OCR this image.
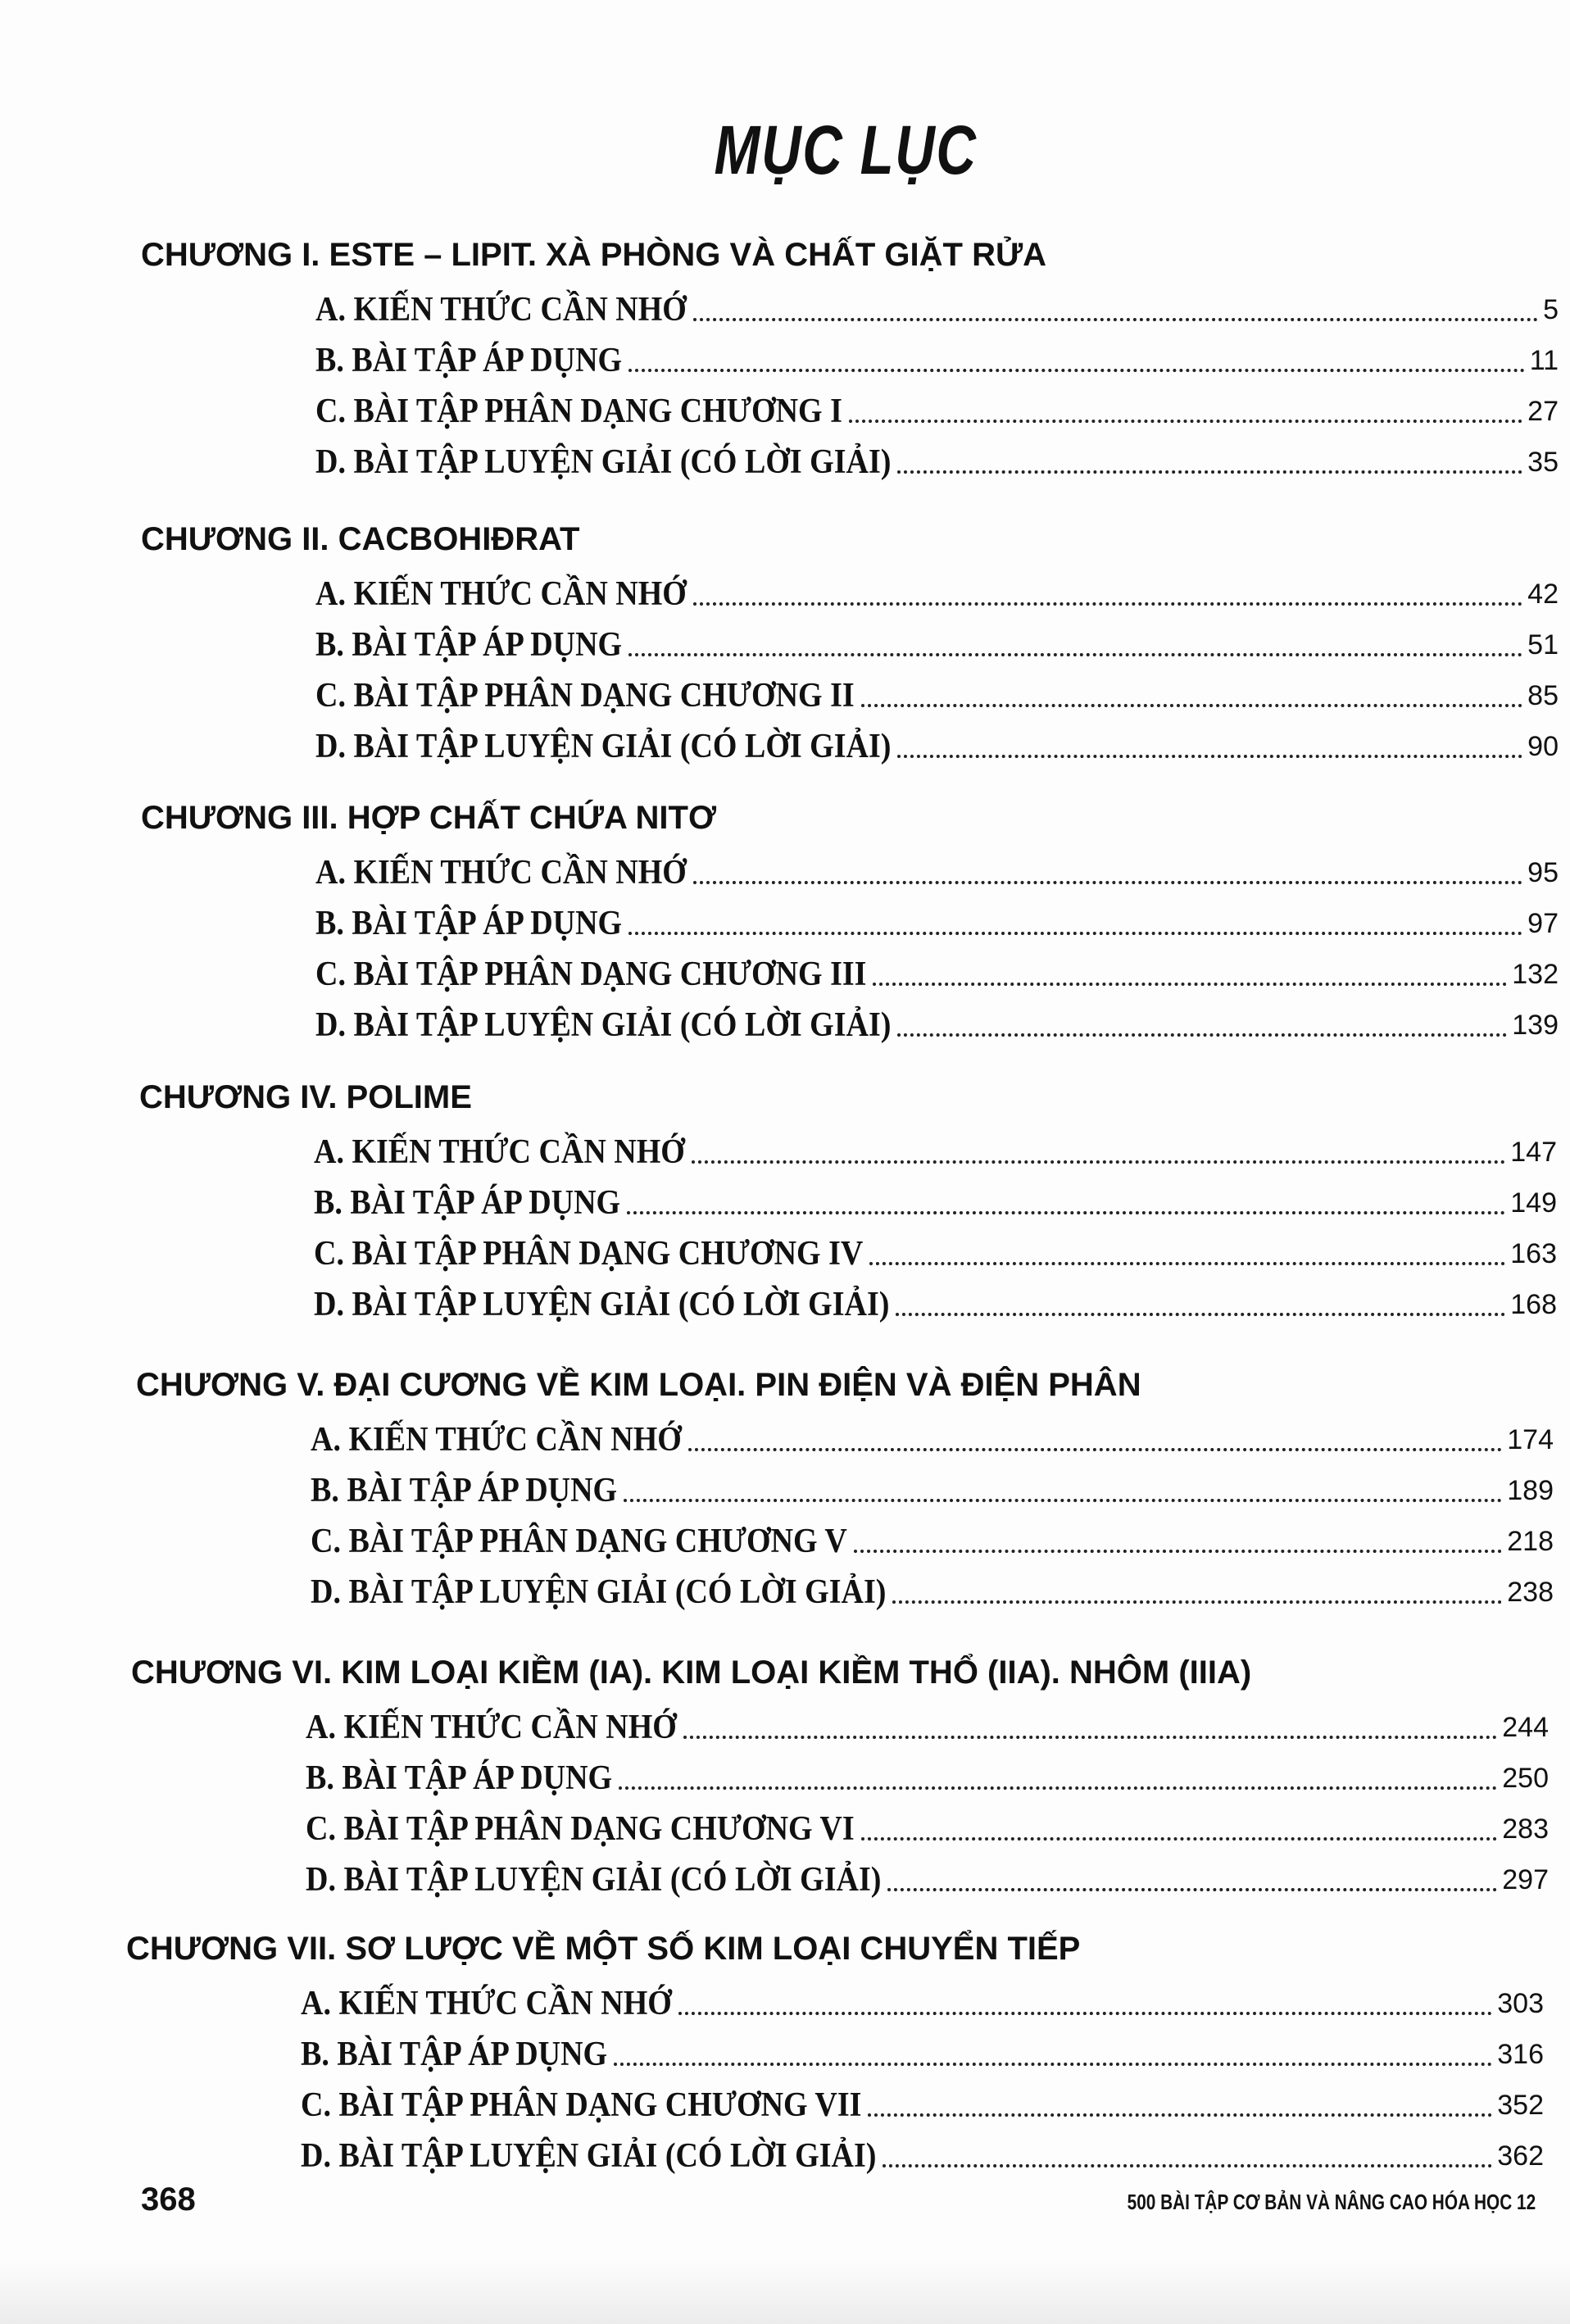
MỤC LỤC
CHƯƠNG I. ESTE – LIPIT. XÀ PHÒNG VÀ CHẤT GIẶT RỬA
A. KIẾN THỨC CẦN NHỚ	5
B. BÀI TẬP ÁP DỤNG	11
C. BÀI TẬP PHÂN DẠNG CHƯƠNG I	27
D. BÀI TẬP LUYỆN GIẢI (CÓ LỜI GIẢI)	35
CHƯƠNG II. CACBOHIĐRAT
A. KIẾN THỨC CẦN NHỚ	42
B. BÀI TẬP ÁP DỤNG	51
C. BÀI TẬP PHÂN DẠNG CHƯƠNG II	85
D. BÀI TẬP LUYỆN GIẢI (CÓ LỜI GIẢI)	90
CHƯƠNG III. HỢP CHẤT CHỨA NITƠ
A. KIẾN THỨC CẦN NHỚ	95
B. BÀI TẬP ÁP DỤNG	97
C. BÀI TẬP PHÂN DẠNG CHƯƠNG III	132
D. BÀI TẬP LUYỆN GIẢI (CÓ LỜI GIẢI)	139
CHƯƠNG IV. POLIME
A. KIẾN THỨC CẦN NHỚ	147
B. BÀI TẬP ÁP DỤNG	149
C. BÀI TẬP PHÂN DẠNG CHƯƠNG IV	163
D. BÀI TẬP LUYỆN GIẢI (CÓ LỜI GIẢI)	168
CHƯƠNG V. ĐẠI CƯƠNG VỀ KIM LOẠI. PIN ĐIỆN VÀ ĐIỆN PHÂN
A. KIẾN THỨC CẦN NHỚ	174
B. BÀI TẬP ÁP DỤNG	189
C. BÀI TẬP PHÂN DẠNG CHƯƠNG V	218
D. BÀI TẬP LUYỆN GIẢI (CÓ LỜI GIẢI)	238
CHƯƠNG VI. KIM LOẠI KIỀM (IA). KIM LOẠI KIỀM THỔ (IIA). NHÔM (IIIA)
A. KIẾN THỨC CẦN NHỚ	244
B. BÀI TẬP ÁP DỤNG	250
C. BÀI TẬP PHÂN DẠNG CHƯƠNG VI	283
D. BÀI TẬP LUYỆN GIẢI (CÓ LỜI GIẢI)	297
CHƯƠNG VII. SƠ LƯỢC VỀ MỘT SỐ KIM LOẠI CHUYỂN TIẾP
A. KIẾN THỨC CẦN NHỚ	303
B. BÀI TẬP ÁP DỤNG	316
C. BÀI TẬP PHÂN DẠNG CHƯƠNG VII	352
D. BÀI TẬP LUYỆN GIẢI (CÓ LỜI GIẢI)	362
368	500 BÀI TẬP CƠ BẢN VÀ NÂNG CAO HÓA HỌC 12
